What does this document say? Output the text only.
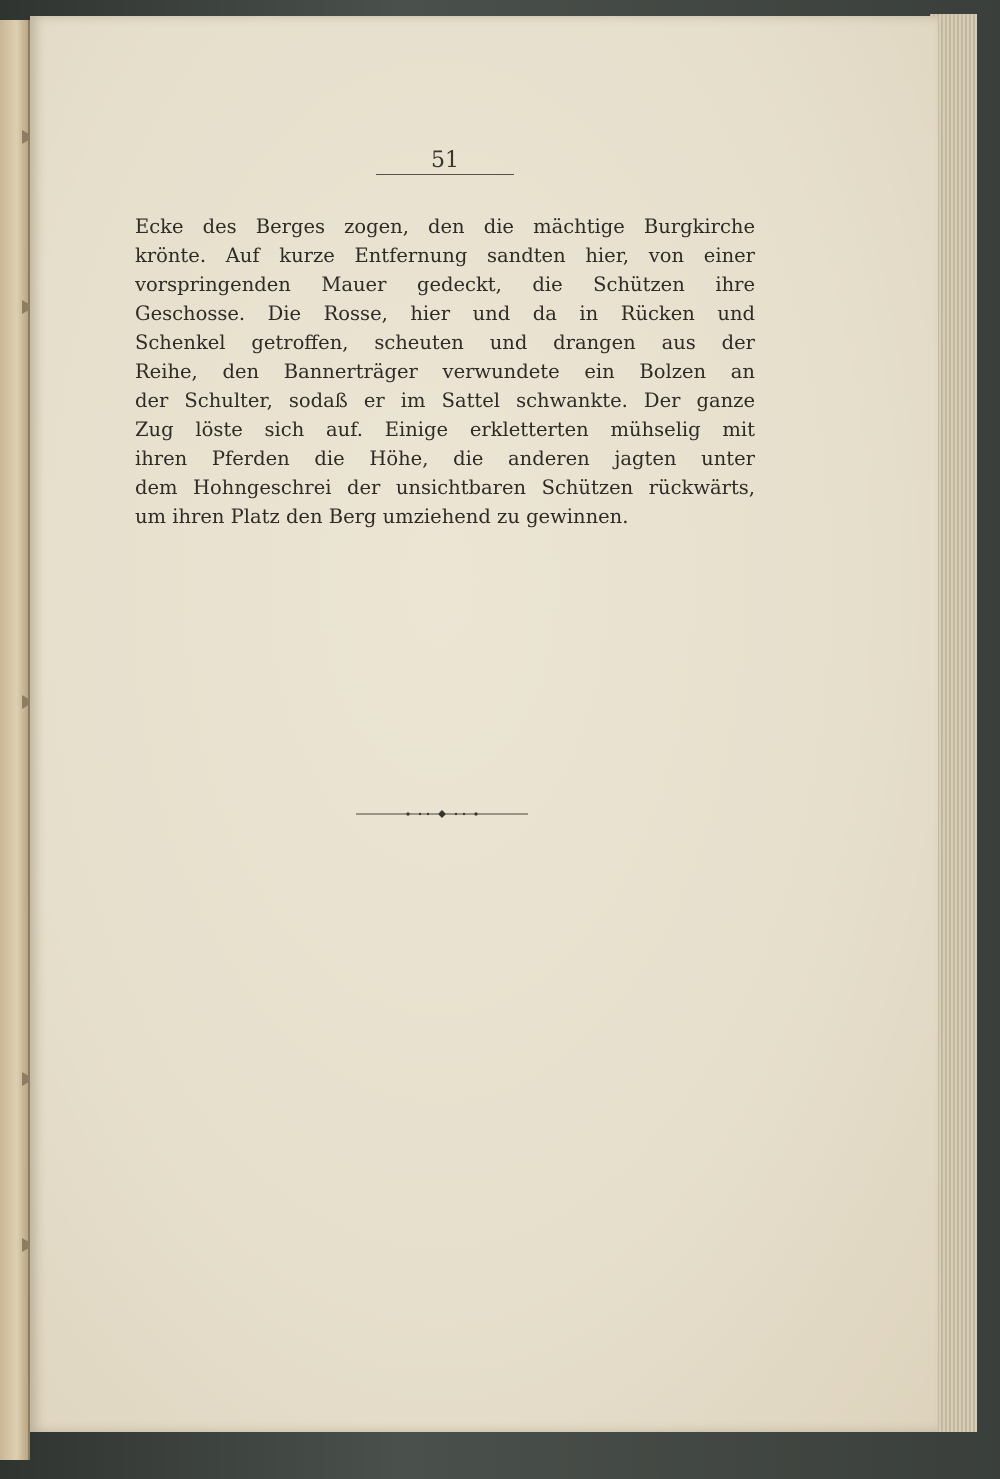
51

Ecke des Berges zogen, den die mächtige Burgkirche
krönte. Auf kurze Entfernung sandten hier, von einer
vorspringenden Mauer gedeckt, die Schützen ihre
Geschosse. Die Rosse, hier und da in Rücken und
Schenkel getroffen, scheuten und drangen aus der
Reihe, den Bannerträger verwundete ein Bolzen an
der Schulter, sodaß er im Sattel schwankte. Der ganze
Zug löste sich auf. Einige erkletterten mühselig mit
ihren Pferden die Höhe, die anderen jagten unter
dem Hohngeschrei der unsichtbaren Schützen rückwärts,
um ihren Platz den Berg umziehend zu gewinnen.
